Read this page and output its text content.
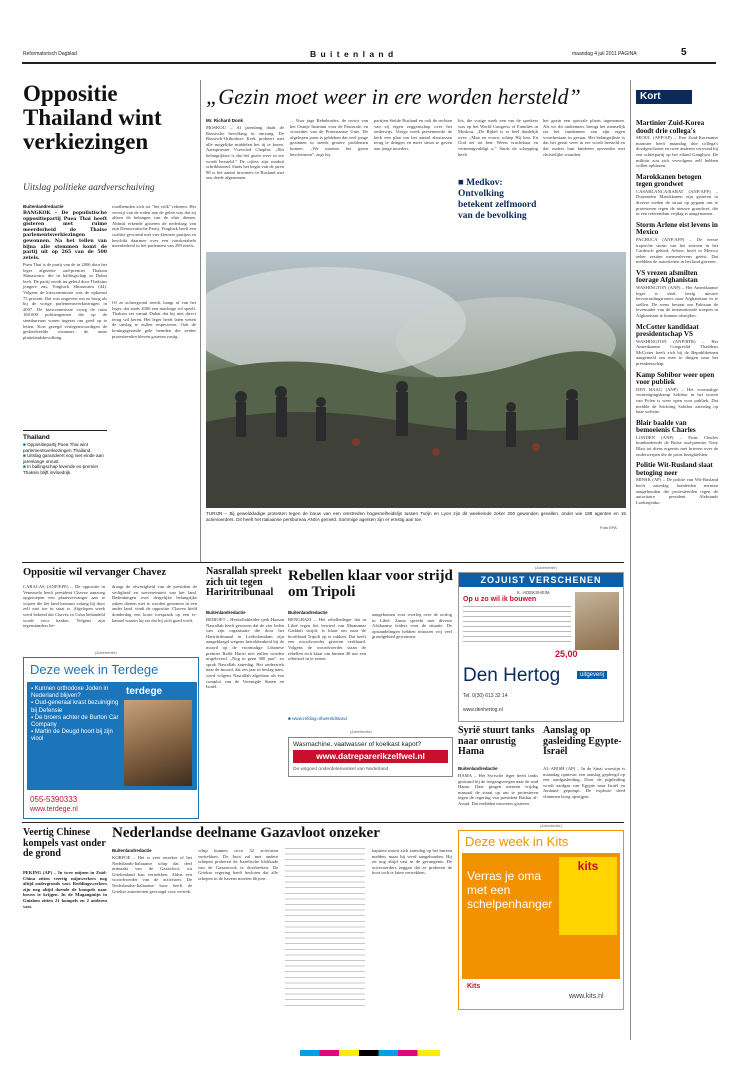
Reformatorisch Dagblad	B u i t e n l a n d	maandag 4 juli 2011 PAGINA	5
Oppositie Thailand wint verkiezingen
Uitslag politieke aardverschuiving
Buitenlandredactie
BANGKOK – De populistische oppositiepartij Puea Thai heeft gisteren met ruime meerderheid de Thaise parlementsverkiezingen gewonnen. Na het tellen van bijna alle stemmen komt de partij uit op 265 van de 500 zetels.
Puea Thai is de partij van de in 2006 door het leger afgezette oud-premier Thaksin Shinawatra, die in ballingschap in Dubai leeft. De partij wordt nu geleid door Thaksins jongere zus, Yingluck Shinawatra (44). Volgens de kiescommissie was de opkomst 75 procent. Dat was ongeveer net zo hoog als bij de vorige parlementsverkiezingen in 2007. De kiescommissie vroeg de ruim 160.000 politieagenten die op de stembureaus waren ingezet om goed op te letten. Kort gezegd vertegenwoordigen de gedoodverfde winnaars de arme plattelandsbevolking.
Thailand
■ Oppositiepartij Puea Thai wint parlementsverkiezingen Thailand.
■ Uitslag garandeert nog niet einde aan jarenlange onrust.
■ In ballingschap levende ex-premier Thaksin blijft invloedrijk.
roodhemden zich tot "het volk" rekenen. Het verwijt van de roden aan de gelen was dat zij alleen de belangen van de elite dienen. Abhisit erkende gisteren de nederlaag van zijn Democratische Partij. Yingluck heeft een coalitie gevormd met vier kleinere partijen en beschikt daarmee over een comfortabele meerderheid in het parlement van 299 zetels.
Of ze achtergrond treedt, hangt af van het leger, dat sinds 2006 een machtige rol speelt. Thaksin zei vanuit Dubai dat hij niet direct terug wil keren. Het leger heeft laten weten de uitslag te zullen respecteren. Ook de koningsgezinde gele hemden die eerder protesteerden bleven gisteren rustig.
„Gezin moet weer in ere worden hersteld”
Mr. Richard Donk
MOSKOU – Al jarenlang daalt de Russische bevolking in omvang. De Russisch-Orthodoxe Kerk probeert met alle mogelijke middelen het tij te keren. Aartspriester Vsevolod Chaplin: „Het belangrijkste is dat het gezin weer in ere wordt hersteld.” De cijfers zijn ronduit schrikbarend. Sinds het begin van de jaren 90 is het aantal inwoners in Rusland met een derde afgenomen.
... Voor jage Rebebordes, de rector van het Oranje Instituut voor de Pastorale, en voorzitter van de Protestantse Unie. De afgelopen jaren is gebleken dat veel jonge gezinnen in steeds grotere problemen komen. „We moeten het gezin beschermen”, zegt hij.
partijen Stelde Rusland en ook de rechten van zij eigen zeggenschap over het onderwijs. Vorige week presenteerde de kerk een plan om het aantal abortussen terug te dringen en meer steun te geven aan jonge moeders.
lits, die vorige week een van de sprekers was op het World Congress of Families in Moskou. „De Bijbel is er heel duidelijk over: „Man en vrouw schiep Hij hen. En God zei tot hen: Weest vruchtbaar en vermenigvuldigt u.” Sinds de schepping heeft
■ Medkov: Ontvolking betekent zelfmoord van de bevolking
het gezin een speciale plaats ingenomen. Als we dit ontkennen, brengt het menselijk ras het fundament van zijn eigen voortbestaan in gevaar. Het belangrijkste is dat het gezin weer in ere wordt hersteld en dat ouders hun kinderen opvoeden met christelijke waarden.
TURIJN – Bij gewelddadige protesten tegen de bouw van een omstreden hogesnelheidslijn tussen Turijn en Lyon zijn dit weekeinde zeker 200 gewonden gevallen, onder wie 188 agenten en 15 actievoerders. Dit heeft het Italiaanse persbureau ANSA gemeld. Sommige agenten zijn er ernstig aan toe.
Foto EPA
Kort
Martinier Zuid-Korea doodt drie collega's
SEOUL (AFP/AP) – Een Zuid-Koreaanse marinier heeft maandag drie collega's doodgeschoten en twee anderen verwond bij een schietpartij op het eiland Ganghwa. De militair zou zich vervolgens zelf hebben willen opblazen.
Marokkanen betogen tegen grondwet
CASABLANCA/RABAT (ANP/AFP) – Duizenden Marokkanen zijn gisteren in diverse steden de straat op gegaan om te protesteren tegen de nieuwe grondwet, die in een referendum vrijdag is aangenomen.
Storm Arlene eist levens in Mexico
PACHUCA (ANP/AFP) – De eerste tropische storm van het seizoen in het Caribisch gebied, Arlene, heeft in Mexico zeker zestien mensenlevens geëist. Dat meldden de autoriteiten in het land gisteren.
VS vrezen afsmilten foerage Afghanistan
WASHINGTON (ANP) – Het Amerikaanse leger is druk bezig nieuwe bevoorradingsroutes naar Afghanistan in te stellen. De wens bestaat om Pakistan de levensader van de internationale troepen in Afghanistan te kunnen afsnijden.
McCotter kandidaat presidentschap VS
WASHINGTON (ANP/RTR) – Het Amerikaanse Congreslid Thaddeus McCotter heeft zich bij de Republikeinen aangemeld om mee te dingen naar het presidentschap.
Kamp Sobibor weer open voor publiek
DEN HAAG (ANP) – Het voormalige vernietigingskamp Sobibor in het oosten van Polen is weer open voor publiek. Dat meldde de Stichting Sobibor zaterdag op haar website.
Blair baalde van bemoeienis Charles
LONDEN (ANP) – Prins Charles bombardeerde de Britse oud-premier Tony Blair tot diens ergernis met brieven over de onderwerpen die de prins bezighielden.
Politie Wit-Rusland slaat betoging neer
MINSK (AP) – De politie van Wit-Rusland heeft zaterdag honderden mensen aangehouden die protesteerden tegen de autoritaire president Aleksandr Loekasjenko.
Oppositie wil vervanger Chavez
CARACAS (ANP/EFE) – De oppositie in Venezuela heeft president Chavez aanzoeg opgeroepen een plaatsvervanger aan te wijzen die het land bestuurt zolang hij door zelf niet toe in staat is. Afgelopen week werd bekend dat Chavez in Cuba behandeld wordt voor kanker. Volgens zijn tegenstanders be-
draagt de afwezigheid van de president de veiligheid en soevereiniteit van het land. Bedenkingen over dergelijke belangrijke zaken dienen niet te worden genomen in een ander land, vindt de oppositie. Chavez hield donderdag een korte toespraak op een tv-kanaal waarin hij zei dat hij zich goed voelt.
(Advertentie)
Deze week in Terdege
terdege
▪ Kunnen orthodoxe Joden in Nederland blijven?
▪ Oud-generaal krast bezuiniging bij Defensie
▪ De broers achter de Burton Car Company
▪ Martin de Deugd hoort bij zijn viool
055-5390333
www.terdege.nl
Nasrallah spreekt zich uit tegen Hariritribunaal
Buitenlandredactie
BEIROET – Hezbollahleider sjeik Hassan Nasrallah heeft gewezen dat de vier leden van zijn organisatie die door het Hariritribunaal in Leidschendam zijn aangeklaagd wegens betrokkenheid bij de moord op de voormalige Libanese premier Rafik Hariri niet zullen worden uitgeleverd. „Nog in geen 300 jaar”, zo sprak Nasrallah zaterdag. Het onderzoek naar de moord, dat zes jaar in beslag nam, werd volgens Nasrallah afgedaan als een complot van de Verenigde Staten en Israël.
Rebellen klaar voor strijd om Tripoli
Buitenlandredactie
BENGHAZI – Het rebellenleger dat in Libië tegen het bewind van Muammar Gaddafi strijdt, is klaar om naar de hoofdstad Tripoli op te rukken. Dat heeft een woordvoerder gisteren verklaard. Volgens de woordvoerder staan de rebellen zich klaar om binnen 48 uur een offensief in te zetten.
aangekomen voor overleg over de oorlog in Libië. Zuma spreekt met diverse Afrikaanse leiders over de situatie. De opstandelingen hebben intussen vrij veel grondgebied gewonnen.
■ www.refdag.nl/wereldstand
(Advertentie)
Wasmachine, vaatwasser of koelkast kapot?
www.datreparerikzelfwel.nl
De witgoed onderdelenwinkel van Nederland
(Advertentie)
ZOJUIST VERSCHENEN
K. HOEKSHEIM
Op u zo wil ik bouwen
25,00
Den Hertog	uitgeverij
Tel. 0(30) 613 32 14
www.denhertog.nl
Syrië stuurt tanks naar onrustig Hama
Buitenlandredactie
HAMA – Het Syrische leger heeft tanks gestuurd bij de toegangswegen naar de stad Hama. Daar gingen mensen vrijdag massaal de straat op om te protesteren tegen de regering van president Bashar al-Assad. Dat meldden inwoners gisteren.
Aanslag op gasleiding Egypte-Israël
AL-ARISH (AP) – In de Sinaï woestijn is maandag opnieuw een aanslag gepleegd op een aardgasleiding. Door de pijpleiding wordt aardgas van Egypte naar Israël en Jordanië gepompt. De explosie deed vlammen hoog opstijgen.
Veertig Chinese kompels vast onder de grond
PEKING (AP) – In twee mijnen in Zuid-China zitten veertig mijnwerkers nog altijd ondergronds vast. Reddingswerkers zijn nog altijd doende de kompels naar boven te krijgen. In de Mugangmijn in Guizhou zitten 21 kompels en 2 anderen vast.
Nederlandse deelname Gazavloot onzeker
Buitenlandredactie
KORFOE – Het is zeer onzeker of het Nederlands-Italiaanse schip dat deel uitmaakt van de Gazavloot, uit Griekenland kan vertrekken. Aldus een woordvoerder van de activisten. De Nederlandse-Italiaanse boot heeft de Griekse autoriteiten gevraagd voor vertrek.
schip kunnen circa 32 activisten vertrekken. De boot zal met andere schepen proberen de Israëlische blokkade van de Gazastrook te doorbreken. De Griekse regering heeft besloten dat alle schepen in de havens moeten blijven.
kapitein moest zich zaterdag op het bureau melden, maar hij werd aangehouden. Hij zit nog altijd vast in de gevangenis. De actievoerders zeggen dat ze proberen de boot toch te laten vertrekken.
(Advertentie)
Deze week in Kits
kits
Verras je oma met een schelpenhanger
Kits
www.kits.nl
